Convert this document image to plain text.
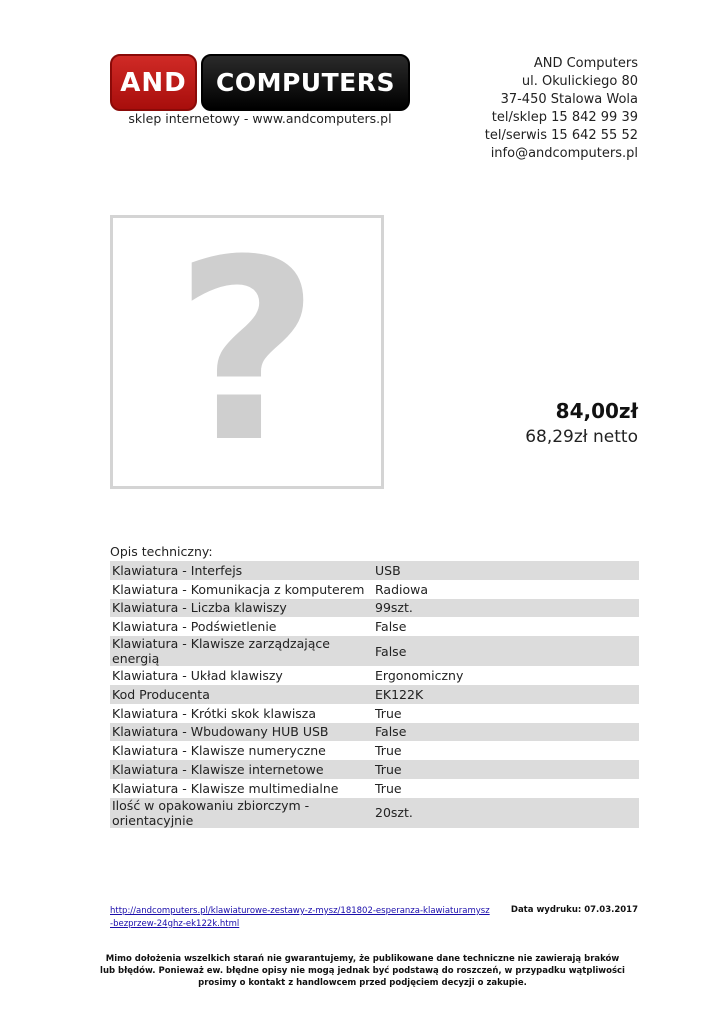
AND	COMPUTERS
sklep internetowy - www.andcomputers.pl
AND Computers
ul. Okulickiego 80
37-450 Stalowa Wola
tel/sklep 15 842 99 39
tel/serwis 15 642 55 52
info@andcomputers.pl
?	84,00zł
68,29zł netto
Opis techniczny:
Klawiatura - Interfejs	USB
Klawiatura - Komunikacja z komputerem Radiowa
Klawiatura - Liczba klawiszy	99szt.
Klawiatura - Podświetlenie	False
Klawiatura - Klawisze zarządzające energią	False
Klawiatura - Układ klawiszy	Ergonomiczny
Kod Producenta	EK122K
Klawiatura - Krótki skok klawisza	True
Klawiatura - Wbudowany HUB USB	False
Klawiatura - Klawisze numeryczne	True
Klawiatura - Klawisze internetowe	True
Klawiatura - Klawisze multimedialne	True
Ilość w opakowaniu zbiorczym - orientacyjnie	20szt.
http://andcomputers.pl/klawiaturowe-zestawy-z-mysz/181802-esperanza-klawiaturamysz-bezprzew-24ghz-ek122k.html
Data wydruku: 07.03.2017
Mimo dołożenia wszelkich starań nie gwarantujemy, że publikowane dane techniczne nie zawierają braków lub błędów. Ponieważ ew. błędne opisy nie mogą jednak być podstawą do roszczeń, w przypadku wątpliwości prosimy o kontakt z handlowcem przed podjęciem decyzji o zakupie.
